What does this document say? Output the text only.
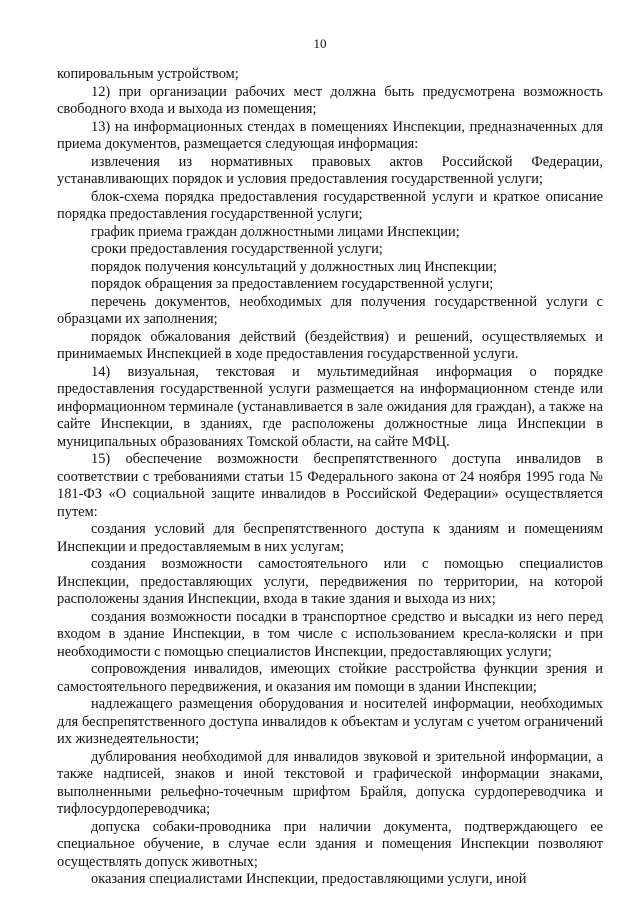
10

копировальным устройством;

12) при организации рабочих мест должна быть предусмотрена возможность свободного входа и выхода из помещения;

13) на информационных стендах в помещениях Инспекции, предназначенных для приема документов, размещается следующая информация:

извлечения из нормативных правовых актов Российской Федерации, устанавливающих порядок и условия предоставления государственной услуги;

блок-схема порядка предоставления государственной услуги и краткое описание порядка предоставления государственной услуги;

график приема граждан должностными лицами Инспекции;

сроки предоставления государственной услуги;

порядок получения консультаций у должностных лиц Инспекции;

порядок обращения за предоставлением государственной услуги;

перечень документов, необходимых для получения государственной услуги с образцами их заполнения;

порядок обжалования действий (бездействия) и решений, осуществляемых и принимаемых Инспекцией в ходе предоставления государственной услуги.

14) визуальная, текстовая и мультимедийная информация о порядке предоставления государственной услуги размещается на информационном стенде или информационном терминале (устанавливается в зале ожидания для граждан), а также на сайте Инспекции, в зданиях, где расположены должностные лица Инспекции в муниципальных образованиях Томской области, на сайте МФЦ.

15) обеспечение возможности беспрепятственного доступа инвалидов в соответствии с требованиями статьи 15 Федерального закона от 24 ноября 1995 года № 181-ФЗ «О социальной защите инвалидов в Российской Федерации» осуществляется путем:

создания условий для беспрепятственного доступа к зданиям и помещениям Инспекции и предоставляемым в них услугам;

создания возможности самостоятельного или с помощью специалистов Инспекции, предоставляющих услуги, передвижения по территории, на которой расположены здания Инспекции, входа в такие здания и выхода из них;

создания возможности посадки в транспортное средство и высадки из него перед входом в здание Инспекции, в том числе с использованием кресла-коляски и при необходимости с помощью специалистов Инспекции, предоставляющих услуги;

сопровождения инвалидов, имеющих стойкие расстройства функции зрения и самостоятельного передвижения, и оказания им помощи в здании Инспекции;

надлежащего размещения оборудования и носителей информации, необходимых для беспрепятственного доступа инвалидов к объектам и услугам с учетом ограничений их жизнедеятельности;

дублирования необходимой для инвалидов звуковой и зрительной информации, а также надписей, знаков и иной текстовой и графической информации знаками, выполненными рельефно-точечным шрифтом Брайля, допуска сурдопереводчика и тифлосурдопереводчика;

допуска собаки-проводника при наличии документа, подтверждающего ее специальное обучение, в случае если здания и помещения Инспекции позволяют осуществлять допуск животных;

оказания специалистами Инспекции, предоставляющими услуги, иной
